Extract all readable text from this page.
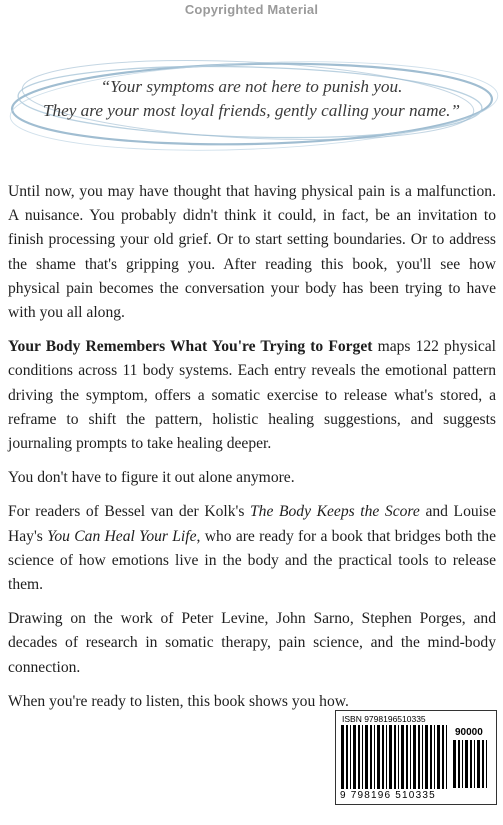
Copyrighted Material
“Your symptoms are not here to punish you.
They are your most loyal friends, gently calling your name.”

Until now, you may have thought that having physical pain is a malfunction. A nuisance. You probably didn't think it could, in fact, be an invitation to finish processing your old grief. Or to start setting boundaries. Or to address the shame that's gripping you. After reading this book, you'll see how physical pain becomes the conversation your body has been trying to have with you all along.

Your Body Remembers What You're Trying to Forget maps 122 physical conditions across 11 body systems. Each entry reveals the emotional pattern driving the symptom, offers a somatic exercise to release what's stored, a reframe to shift the pattern, holistic healing suggestions, and suggests journaling prompts to take healing deeper.

You don't have to figure it out alone anymore.

For readers of Bessel van der Kolk's The Body Keeps the Score and Louise Hay's You Can Heal Your Life, who are ready for a book that bridges both the science of how emotions live in the body and the practical tools to release them.

Drawing on the work of Peter Levine, John Sarno, Stephen Porges, and decades of research in somatic therapy, pain science, and the mind-body connection.

When you're ready to listen, this book shows you how.

ISBN 9798196510335
90000
9 798196 510335
